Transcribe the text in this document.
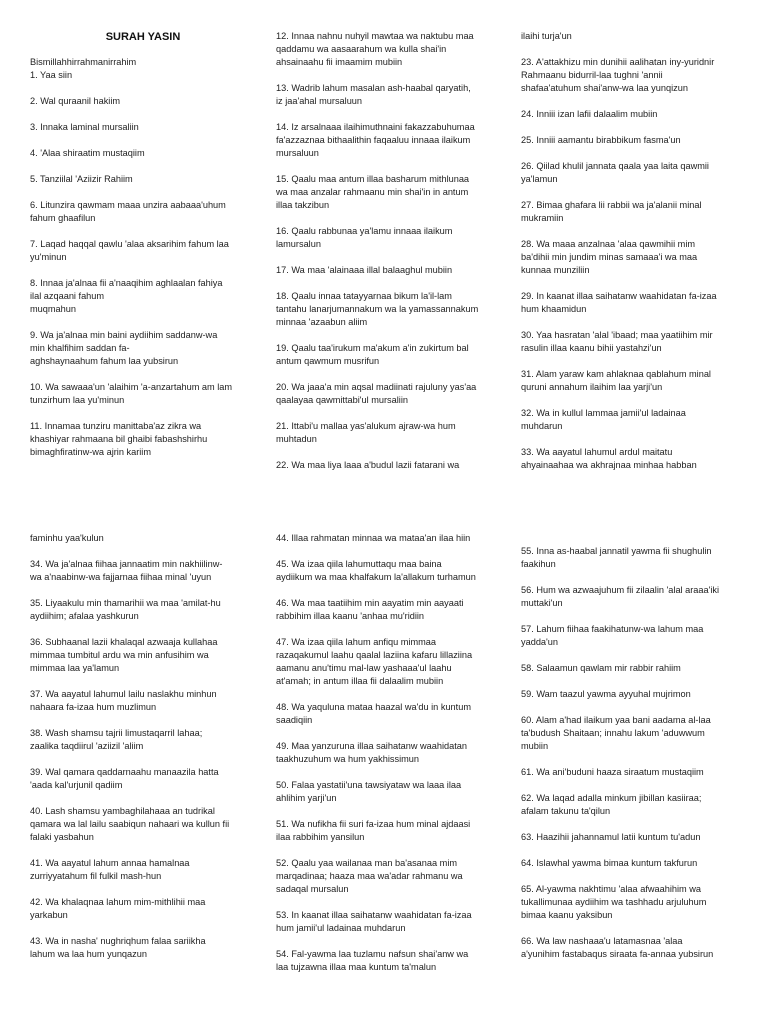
SURAH YASIN
Bismillahhirrahmanirrahim
1. Yaa siin
2. Wal quraanil hakiim
3. Innaka laminal mursaliin
4. 'Alaa shiraatim mustaqiim
5. Tanziilal 'Aziizir Rahiim
6. Litunzira qawmam maaa unzira aabaaa'uhum
fahum ghaafilun
7. Laqad haqqal qawlu 'alaa aksarihim fahum laa
yu'minun
8. Innaa ja'alnaa fii a'naaqihim aghlaalan fahiya
ilal azqaani fahum
muqmahun
9. Wa ja'alnaa min baini aydiihim saddanw-wa
min khalfihim saddan fa-
aghshaynaahum fahum laa yubsirun
10. Wa sawaaa'un 'alaihim 'a-anzartahum am lam
tunzirhum laa yu'minun
11. Innamaa tunziru manittaba'az zikra wa
khashiyar rahmaana bil ghaibi fabashshirhu
bimaghfiratinw-wa ajrin kariim
12. Innaa nahnu nuhyil mawtaa wa naktubu maa
qaddamu wa aasaarahum wa kulla shai'in
ahsainaahu fii imaamim mubiin
13. Wadrib lahum masalan ash-haabal qaryatih,
iz jaa'ahal mursaluun
14. Iz arsalnaaa ilaihimuthnaini fakazzabuhumaa
fa'azzaznaa bithaalithin faqaaluu innaaa ilaikum
mursaluun
15. Qaalu maa antum illaa basharum mithlunaa
wa maa anzalar rahmaanu min shai'in in antum
illaa takzibun
16. Qaalu rabbunaa ya'lamu innaaa ilaikum
lamursalun
17. Wa maa 'alainaaa illal balaaghul mubiin
18. Qaalu innaa tatayyarnaa bikum la'il-lam
tantahu lanarjumannakum wa la yamassannakum
minnaa 'azaabun aliim
19. Qaalu taa'irukum ma'akum a'in zukirtum bal
antum qawmum musrifun
20. Wa jaaa'a min aqsal madiinati rajuluny yas'aa
qaalayaa qawmittabi'ul mursaliin
21. Ittabi'u mallaa yas'alukum ajraw-wa hum
muhtadun
22. Wa maa liya laaa a'budul lazii fatarani wa
ilaihi turja'un
23. A'attakhizu min dunihii aalihatan iny-yuridnir
Rahmaanu bidurril-laa tughni 'annii
shafaa'atuhum shai'anw-wa laa yunqizun
24. Inniii izan lafii dalaalim mubiin
25. Inniii aamantu birabbikum fasma'un
26. Qiilad khulil jannata qaala yaa laita qawmii
ya'lamun
27. Bimaa ghafara lii rabbii wa ja'alanii minal
mukramiin
28. Wa maaa anzalnaa 'alaa qawmihii mim
ba'dihii min jundim minas samaaa'i wa maa
kunnaa munziliin
29. In kaanat illaa saihatanw waahidatan fa-izaa
hum khaamidun
30. Yaa hasratan 'alal 'ibaad; maa yaatiihim mir
rasulin illaa kaanu bihii yastahzi'un
31. Alam yaraw kam ahlaknaa qablahum minal
quruni annahum ilaihim laa yarji'un
32. Wa in kullul lammaa jamii'ul ladainaa
muhdarun
33. Wa aayatul lahumul ardul maitatu
ahyainaahaa wa akhrajnaa minhaa habban
faminhu yaa'kulun
34. Wa ja'alnaa fiihaa jannaatim min nakhiilinw-
wa a'naabinw-wa fajjarnaa fiihaa minal 'uyun
35. Liyaakulu min thamarihii wa maa 'amilat-hu
aydiihim; afalaa yashkurun
36. Subhaanal lazii khalaqal azwaaja kullahaa
mimmaa tumbitul ardu wa min anfusihim wa
mimmaa laa ya'lamun
37. Wa aayatul lahumul lailu naslakhu minhun
nahaara fa-izaa hum muzlimun
38. Wash shamsu tajrii limustaqarril lahaa;
zaalika taqdiirul 'aziizil 'aliim
39. Wal qamara qaddarnaahu manaazila hatta
'aada kal'urjunil qadiim
40. Lash shamsu yambaghilahaaa an tudrikal
qamara wa lal lailu saabiqun nahaari wa kullun fii
falaki yasbahun
41. Wa aayatul lahum annaa hamalnaa
zurriyyatahum fil fulkil mash-hun
42. Wa khalaqnaa lahum mim-mithlihii maa
yarkabun
43. Wa in nasha' nughriqhum falaa sariikha
lahum wa laa hum yunqazun
44. Illaa rahmatan minnaa wa mataa'an ilaa hiin
45. Wa izaa qiila lahumuttaqu maa baina
aydiikum wa maa khalfakum la'allakum turhamun
46. Wa maa taatiihim min aayatim min aayaati
rabbihim illaa kaanu 'anhaa mu'ridiin
47. Wa izaa qiila lahum anfiqu mimmaa
razaqakumul laahu qaalal laziina kafaru lillaziina
aamanu anu'timu mal-law yashaaa'ul laahu
at'amah; in antum illaa fii dalaalim mubiin
48. Wa yaquluna mataa haazal wa'du in kuntum
saadiqiin
49. Maa yanzuruna illaa saihatanw waahidatan
taakhuzuhum wa hum yakhissimun
50. Falaa yastatii'una tawsiyataw wa laaa ilaa
ahlihim yarji'un
51. Wa nufikha fii suri fa-izaa hum minal ajdaasi
ilaa rabbihim yansilun
52. Qaalu yaa wailanaa man ba'asanaa mim
marqadinaa; haaza maa wa'adar rahmanu wa
sadaqal mursalun
53. In kaanat illaa saihatanw waahidatan fa-izaa
hum jamii'ul ladainaa muhdarun
54. Fal-yawma laa tuzlamu nafsun shai'anw wa
laa tujzawna illaa maa kuntum ta'malun
55. Inna as-haabal jannatil yawma fii shughulin
faakihun
56. Hum wa azwaajuhum fii zilaalin 'alal araaa'iki
muttaki'un
57. Lahum fiihaa faakihatunw-wa lahum maa
yadda'un
58. Salaamun qawlam mir rabbir rahiim
59. Wam taazul yawma ayyuhal mujrimon
60. Alam a'had ilaikum yaa bani aadama al-laa
ta'budush Shaitaan; innahu lakum 'aduwwum
mubiin
61. Wa ani'buduni haaza siraatum mustaqiim
62. Wa laqad adalla minkum jibillan kasiiraa;
afalam takunu ta'qilun
63. Haazihii jahannamul latii kuntum tu'adun
64. Islawhal yawma bimaa kuntum takfurun
65. Al-yawma nakhtimu 'alaa afwaahihim wa
tukallimunaa aydiihim wa tashhadu arjuluhum
bimaa kaanu yaksibun
66. Wa law nashaaa'u latamasnaa 'alaa
a'yunihim fastabaqus siraata fa-annaa yubsirun
